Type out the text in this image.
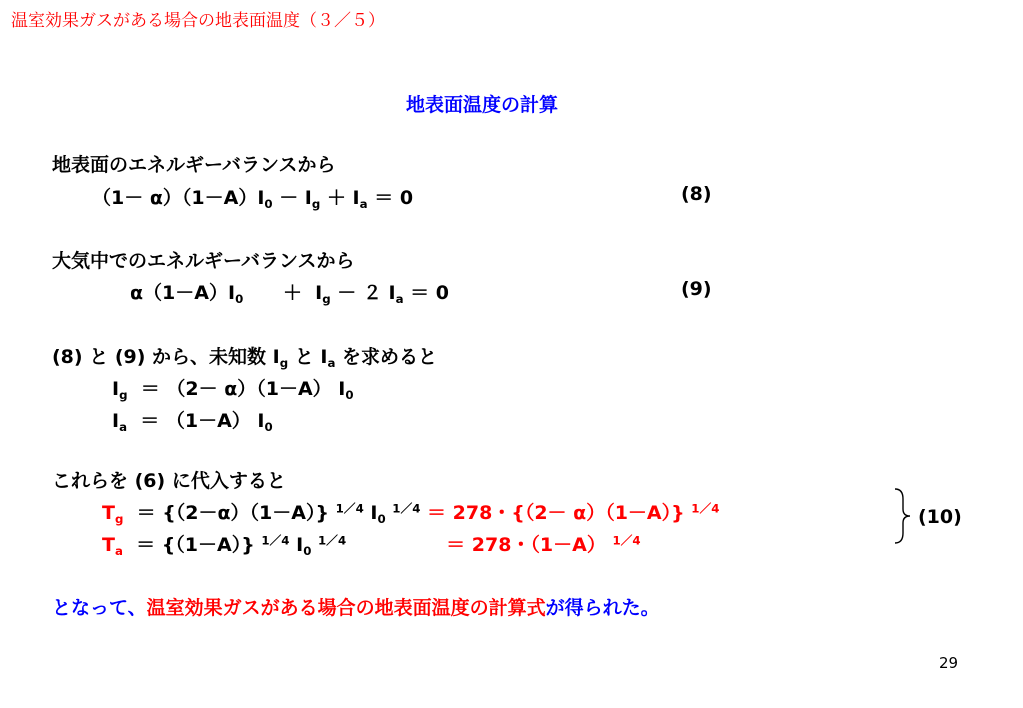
温室効果ガスがある場合の地表面温度（３／５）
地表面温度の計算
地表面のエネルギーバランスから
$(1- \alpha)(1-A)I_0 - I_g + I_a = 0$	(8)
大気中でのエネルギーバランスから
$\alpha(1-A)I_0$      ＋  $I_g - 2$ $I_a = 0$	(9)
(8) と (9) から、未知数 $I_g$ と $I_a$ を求めると
$I_g = (2- \alpha)(1-A)$ $I_0$
$I_a = (1-A)$ $I_0$
これらを (6) に代入すると
$T_g = \{(2-\alpha)(1-A)\}$ $^{1/4}$ $I_0$ $^{1/4}$ ＝ 278・{（2－ α）（1－A）} $^{1/4}$
$T_a = \{(1-A)\}$ $^{1/4}$ $I_0$ $^{1/4}$	＝ 278・（1－A） $^{1/4}$
(10)
となって、温室効果ガスがある場合の地表面温度の計算式が得られた。
29
